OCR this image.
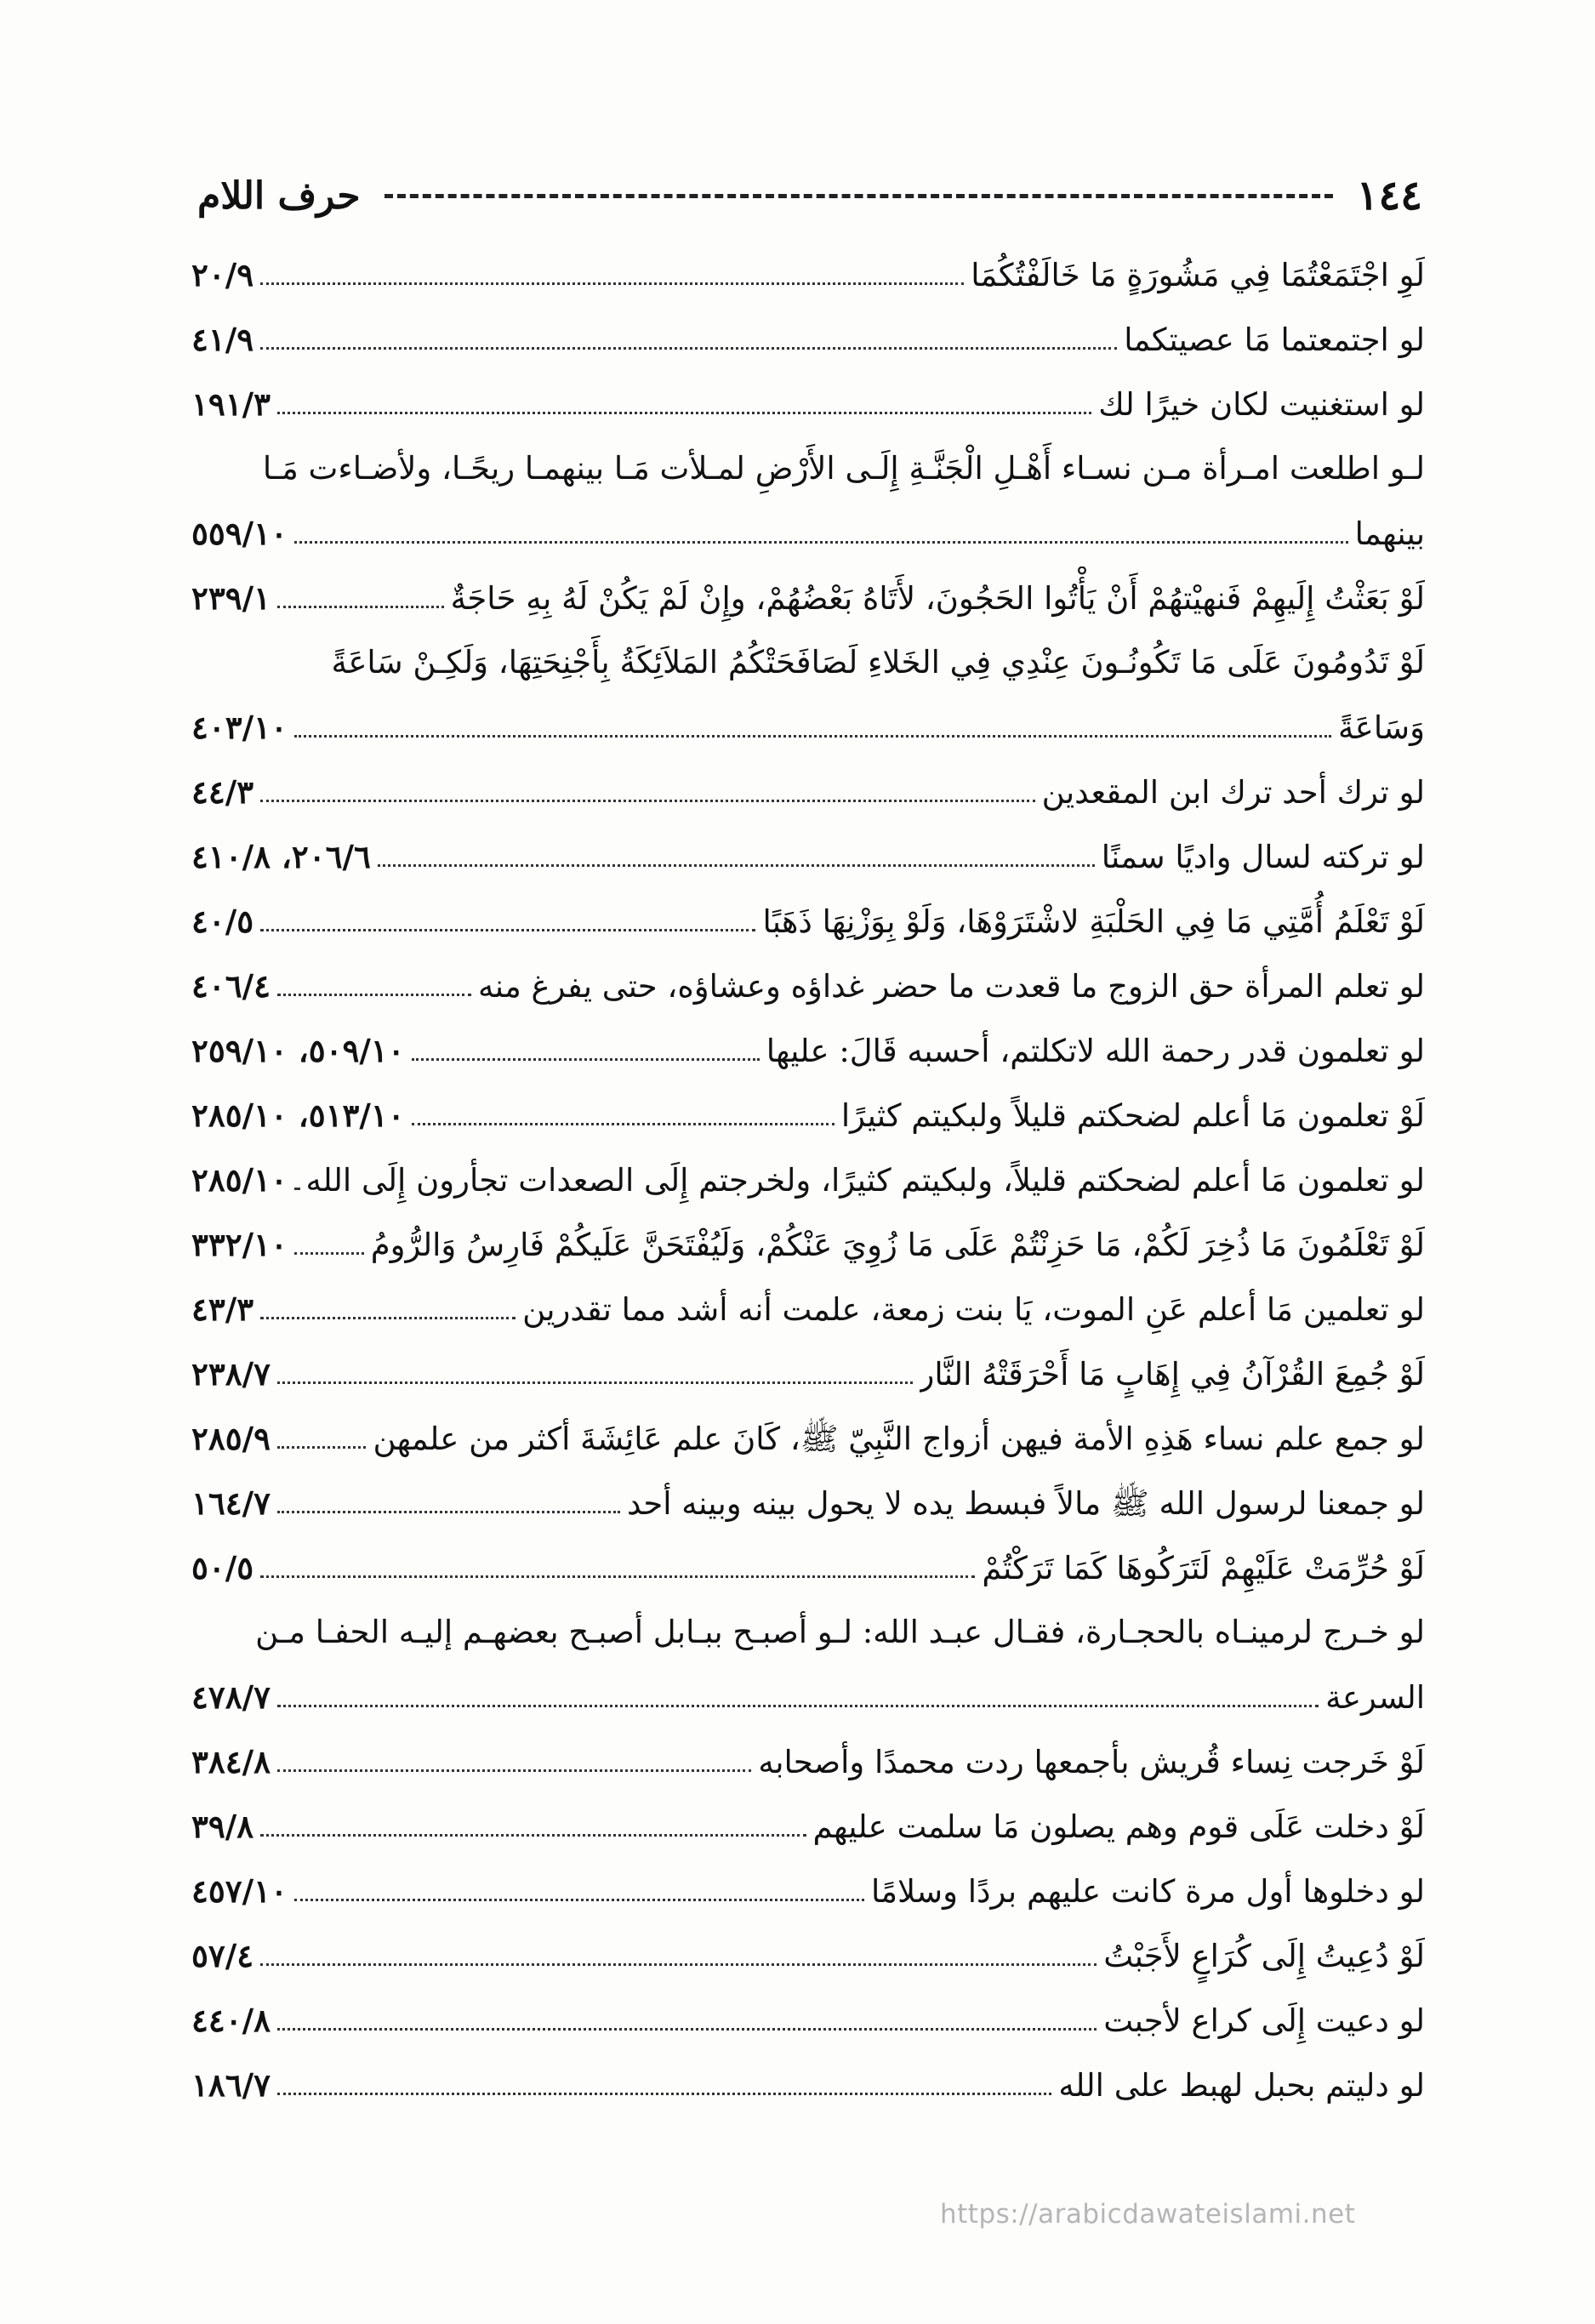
١٤٤
حرف اللام
لَوِ اجْتَمَعْتُمَا فِي مَشُورَةٍ مَا خَالَفْتُكُمَا
٢٠/٩
لو اجتمعتما مَا عصيتكما
٤١/٩
لو استغنيت لكان خيرًا لك
١٩١/٣
لـو اطلعت امـرأة مـن نسـاء أَهْـلِ الْجَنَّـةِ إِلَـى الأَرْضِ لمـلأت مَـا بينهمـا ريحًـا، ولأضـاءت مَـا
بينهما
٥٥٩/١٠
لَوْ بَعَثْتُ إِلَيهِمْ فَنهيْتهُمْ أَنْ يَأْتُوا الحَجُونَ، لأَتَاهُ بَعْضُهُمْ، وإِنْ لَمْ يَكُنْ لَهُ بِهِ حَاجَةٌ
٢٣٩/١
لَوْ تَدُومُونَ عَلَى مَا تَكُونُـونَ عِنْدِي فِي الخَلاءِ لَصَافَحَتْكُمُ المَلاَئِكَةُ بِأَجْنِحَتِهَا، وَلَكِـنْ سَاعَةً
وَسَاعَةً
٤٠٣/١٠
لو ترك أحد ترك ابن المقعدين
٤٤/٣
لو تركته لسال واديًا سمنًا
٢٠٦/٦، ٤١٠/٨
لَوْ تَعْلَمُ أُمَّتِي مَا فِي الحَلْبَةِ لاشْتَرَوْهَا، وَلَوْ بِوَزْنِهَا ذَهَبًا
٤٠/٥
لو تعلم المرأة حق الزوج ما قعدت ما حضر غداؤه وعشاؤه، حتى يفرغ منه
٤٠٦/٤
لو تعلمون قدر رحمة الله لاتكلتم، أحسبه قَالَ: عليها
٥٠٩/١٠، ٢٥٩/١٠
لَوْ تعلمون مَا أعلم لضحكتم قليلاً ولبكيتم كثيرًا
٥١٣/١٠، ٢٨٥/١٠
لو تعلمون مَا أعلم لضحكتم قليلاً، ولبكيتم كثيرًا، ولخرجتم إِلَى الصعدات تجأرون إِلَى الله
٢٨٥/١٠
لَوْ تَعْلَمُونَ مَا ذُخِرَ لَكُمْ، مَا حَزِنْتُمْ عَلَى مَا زُوِيَ عَنْكُمْ، وَلَيُفْتَحَنَّ عَلَيكُمْ فَارِسُ وَالرُّومُ
٣٣٢/١٠
لو تعلمين مَا أعلم عَنِ الموت، يَا بنت زمعة، علمت أنه أشد مما تقدرين
٤٣/٣
لَوْ جُمِعَ القُرْآنُ فِي إِهَابٍ مَا أَحْرَقَتْهُ النَّار
٢٣٨/٧
لو جمع علم نساء هَذِهِ الأمة فيهن أزواج النَّبِيّ ﷺ، كَانَ علم عَائِشَةَ أكثر من علمهن
٢٨٥/٩
لو جمعنا لرسول الله ﷺ مالاً فبسط يده لا يحول بينه وبينه أحد
١٦٤/٧
لَوْ حُرِّمَتْ عَلَيْهِمْ لَتَرَكُوهَا كَمَا تَرَكْتُمْ
٥٠/٥
لو خـرج لرمينـاه بالحجـارة، فقـال عبـد الله: لـو أصبـح ببـابل أصبـح بعضهـم إليـه الحفـا مـن
السرعة
٤٧٨/٧
لَوْ خَرجت نِساء قُريش بأجمعها ردت محمدًا وأصحابه
٣٨٤/٨
لَوْ دخلت عَلَى قوم وهم يصلون مَا سلمت عليهم
٣٩/٨
لو دخلوها أول مرة كانت عليهم بردًا وسلامًا
٤٥٧/١٠
لَوْ دُعِيتُ إِلَى كُرَاعٍ لأَجَبْتُ
٥٧/٤
لو دعيت إِلَى كراع لأجبت
٤٤٠/٨
لو دليتم بحبل لهبط على الله
١٨٦/٧
https://arabicdawateislami.net
